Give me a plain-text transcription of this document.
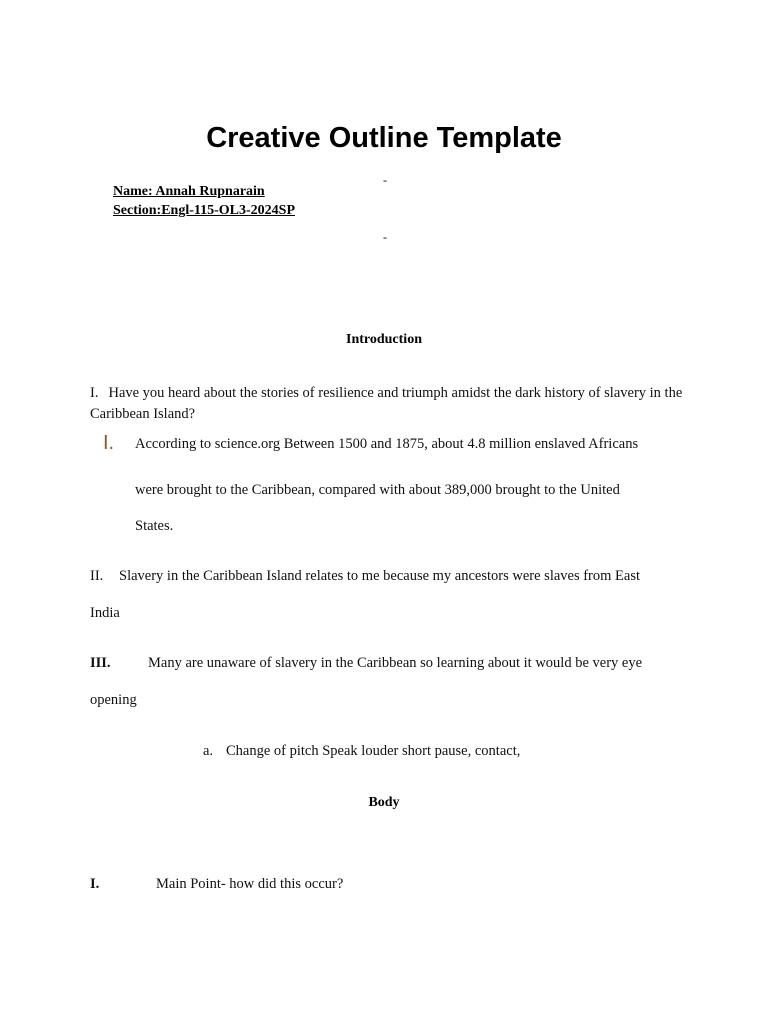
Creative Outline Template
-
Name: Annah Rupnarain
Section:Engl-115-OL3-2024SP
-
Introduction
I. Have you heard about the stories of resilience and triumph amidst the dark history of slavery in the Caribbean Island?
I. According to science.org Between 1500 and 1875, about 4.8 million enslaved Africans
were brought to the Caribbean, compared with about 389,000 brought to the United
States.
II. Slavery in the Caribbean Island relates to me because my ancestors were slaves from East
India
III.	Many are unaware of slavery in the Caribbean so learning about it would be very eye
opening
a. Change of pitch Speak louder short pause, contact,
Body
I.	Main Point- how did this occur?
